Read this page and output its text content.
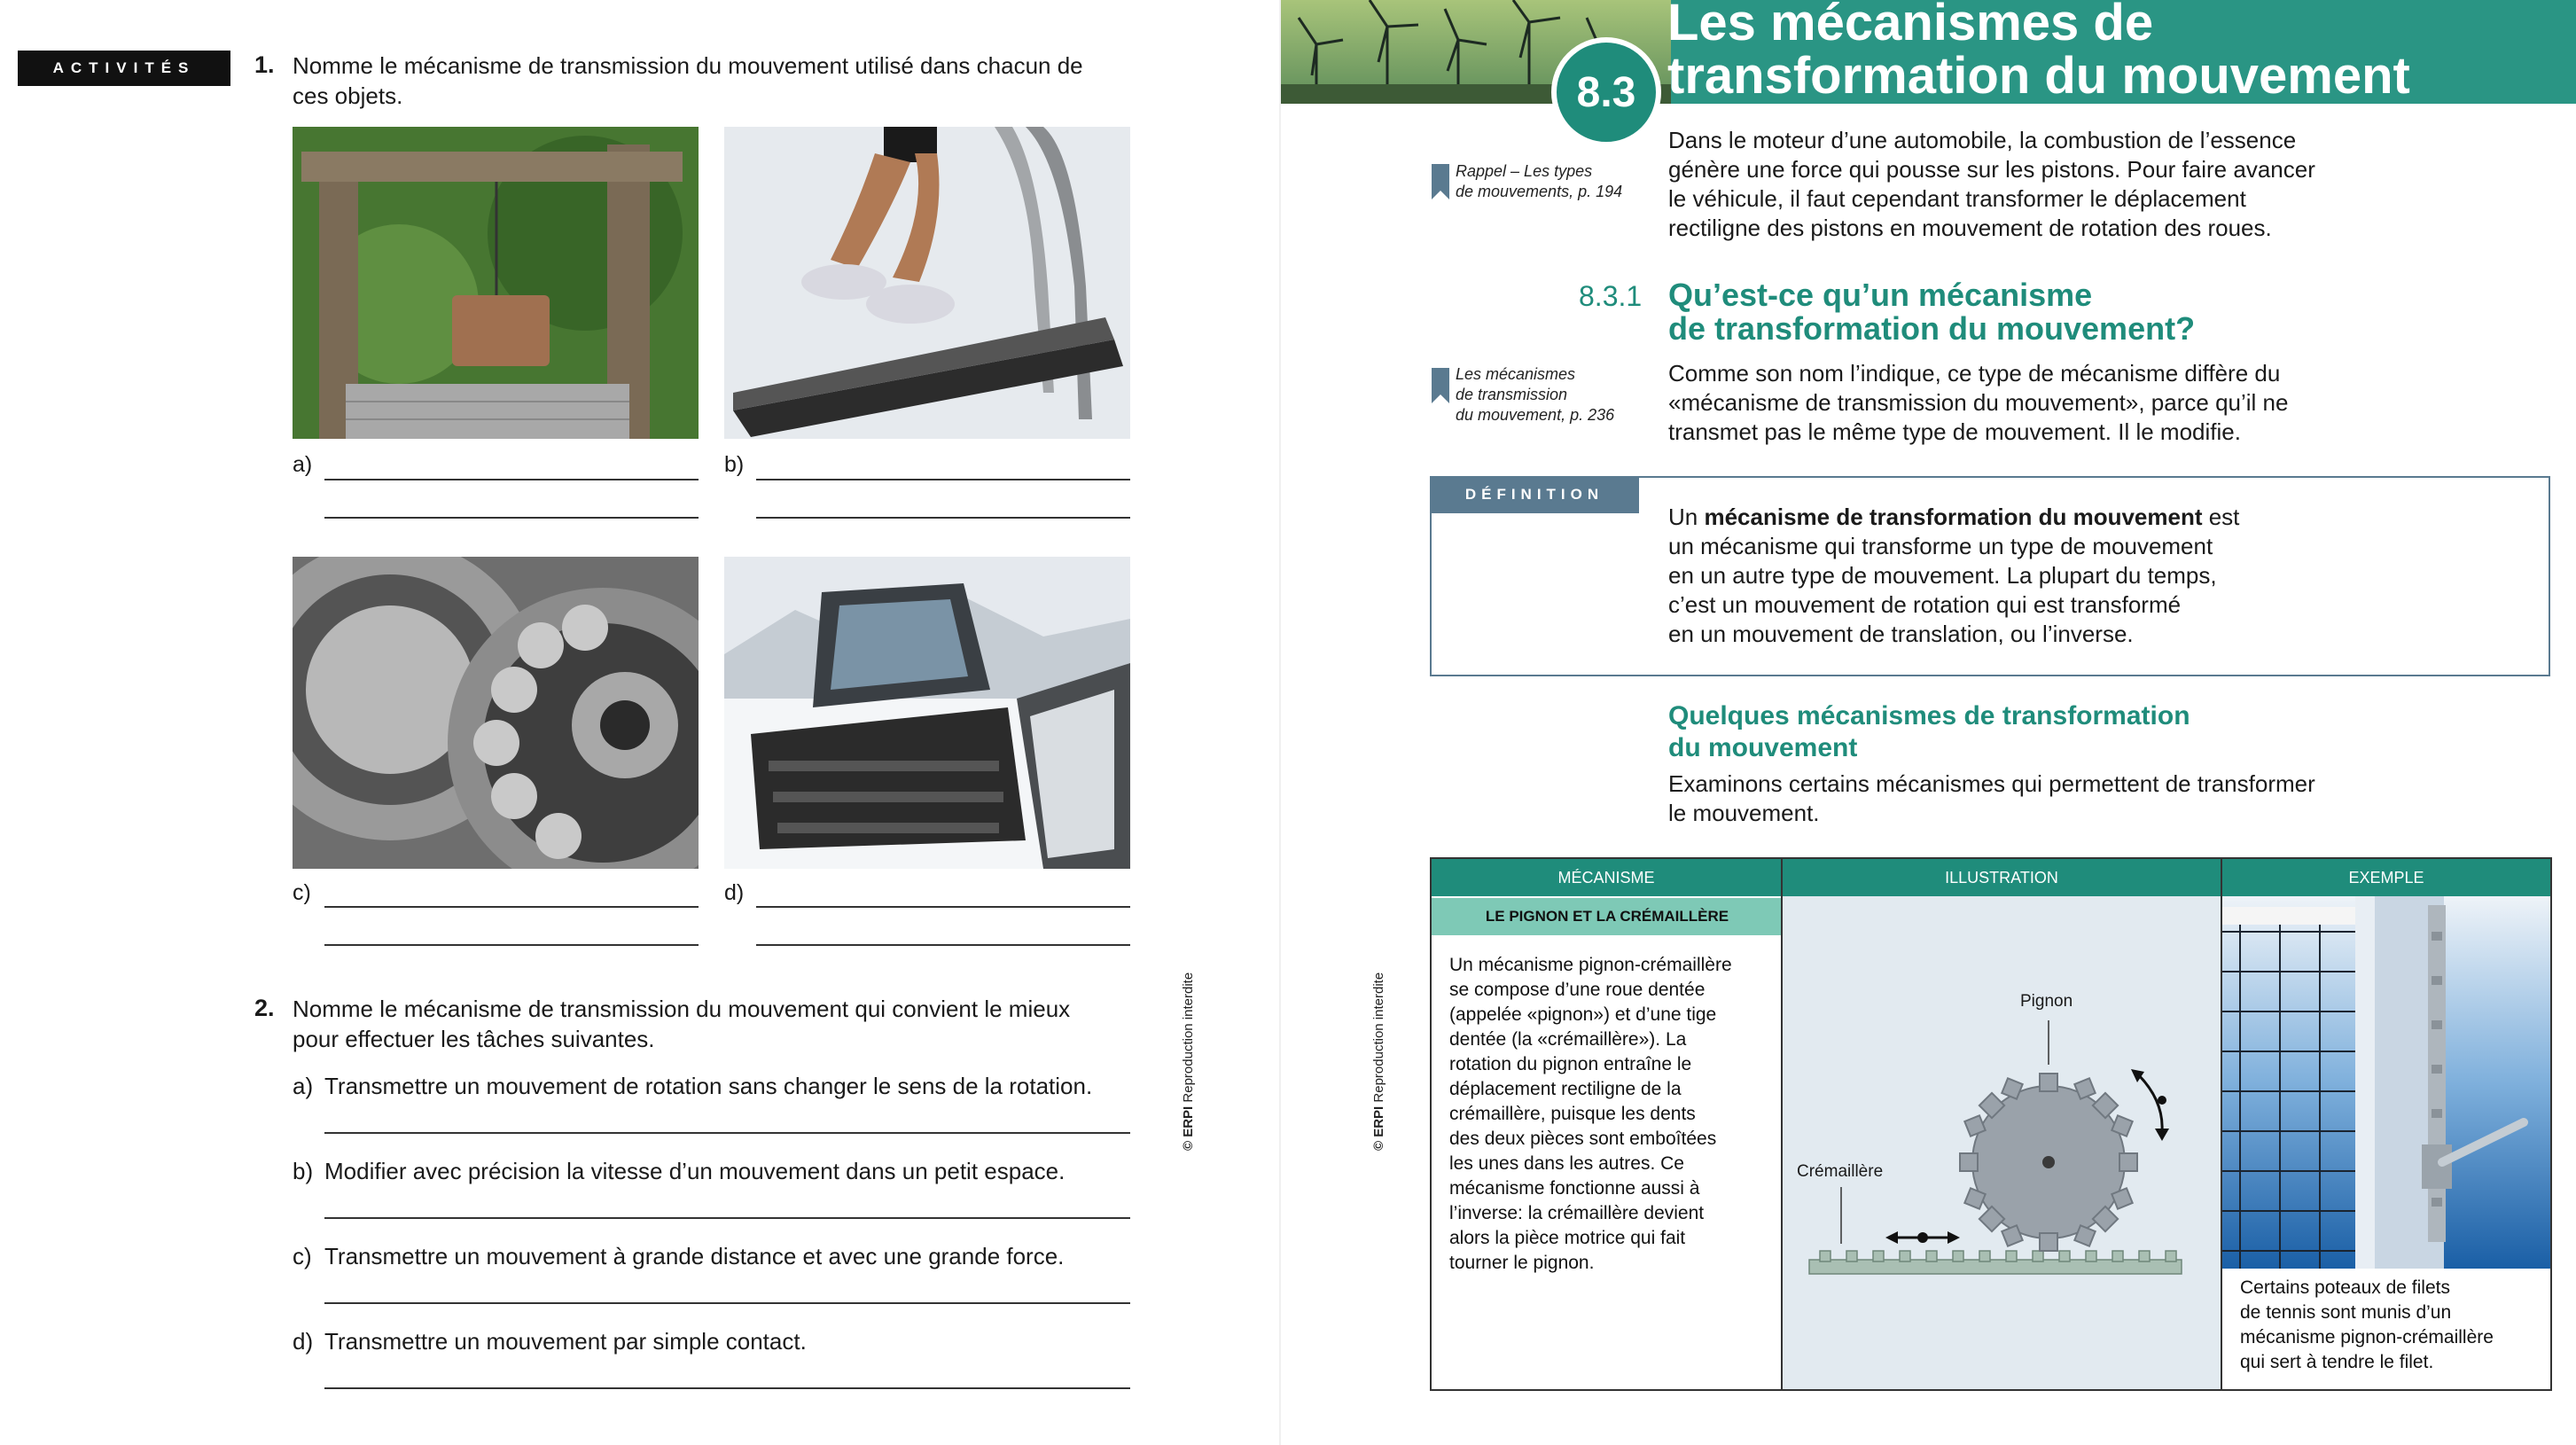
ACTIVITÉS	1. Nomme le mécanisme de transmission du mouvement utilisé dans chacun de
ces objets.
a)	b)
c)	d)
2. Nomme le mécanisme de transmission du mouvement qui convient le mieux
pour effectuer les tâches suivantes.
a) Transmettre un mouvement de rotation sans changer le sens de la rotation.
b) Modifier avec précision la vitesse d’un mouvement dans un petit espace.
c) Transmettre un mouvement à grande distance et avec une grande force.
d) Transmettre un mouvement par simple contact.
© ERPI Reproduction interdite
8.3
Les mécanismes de
transformation du mouvement
Dans le moteur d’une automobile, la combustion de l’essence
génère une force qui pousse sur les pistons. Pour faire avancer
le véhicule, il faut cependant transformer le déplacement
rectiligne des pistons en mouvement de rotation des roues.
Rappel – Les types
de mouvements, p. 194
8.3.1 Qu’est-ce qu’un mécanisme
de transformation du mouvement?
Les mécanismes
de transmission
du mouvement, p. 236
Comme son nom l’indique, ce type de mécanisme diffère du
«mécanisme de transmission du mouvement», parce qu’il ne
transmet pas le même type de mouvement. Il le modifie.
DÉFINITION
Un mécanisme de transformation du mouvement est
un mécanisme qui transforme un type de mouvement
en un autre type de mouvement. La plupart du temps,
c’est un mouvement de rotation qui est transformé
en un mouvement de translation, ou l’inverse.
Quelques mécanismes de transformation
du mouvement
Examinons certains mécanismes qui permettent de transformer
le mouvement.
© ERPI Reproduction interdite	Pignon
Crémaillère
MÉCANISME	ILLUSTRATION	EXEMPLE
LE PIGNON ET LA CRÉMAILLÈRE
Un mécanisme pignon-crémaillère
se compose d’une roue dentée
(appelée «pignon») et d’une tige
dentée (la «crémaillère»). La
rotation du pignon entraîne le
déplacement rectiligne de la
crémaillère, puisque les dents
des deux pièces sont emboîtées
les unes dans les autres. Ce
mécanisme fonctionne aussi à
l’inverse: la crémaillère devient
alors la pièce motrice qui fait
tourner le pignon.
Certains poteaux de filets
de tennis sont munis d’un
mécanisme pignon-crémaillère
qui sert à tendre le filet.
